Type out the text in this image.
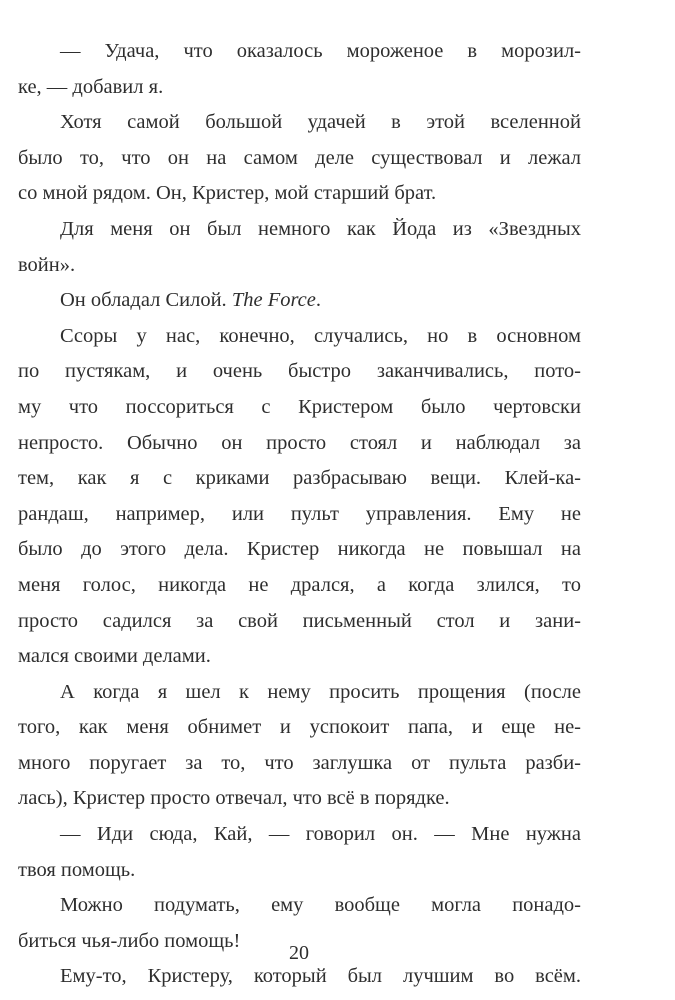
— Удача, что оказалось мороженое в морозил-
ке, — добавил я.
Хотя самой большой удачей в этой вселенной
было то, что он на самом деле существовал и лежал
со мной рядом. Он, Кристер, мой старший брат.
Для меня он был немного как Йода из «Звездных
войн».
Он обладал Силой. The Force.
Ссоры у нас, конечно, случались, но в основном
по пустякам, и очень быстро заканчивались, пото-
му что поссориться с Кристером было чертовски
непросто. Обычно он просто стоял и наблюдал за
тем, как я с криками разбрасываю вещи. Клей-ка-
рандаш, например, или пульт управления. Ему не
было до этого дела. Кристер никогда не повышал на
меня голос, никогда не дрался, а когда злился, то
просто садился за свой письменный стол и зани-
мался своими делами.
А когда я шел к нему просить прощения (после
того, как меня обнимет и успокоит папа, и еще не-
много поругает за то, что заглушка от пульта разби-
лась), Кристер просто отвечал, что всё в порядке.
— Иди сюда, Кай, — говорил он. — Мне нужна
твоя помощь.
Можно подумать, ему вообще могла понадо-
биться чья-либо помощь!
Ему-то, Кристеру, который был лучшим во всём.
20
